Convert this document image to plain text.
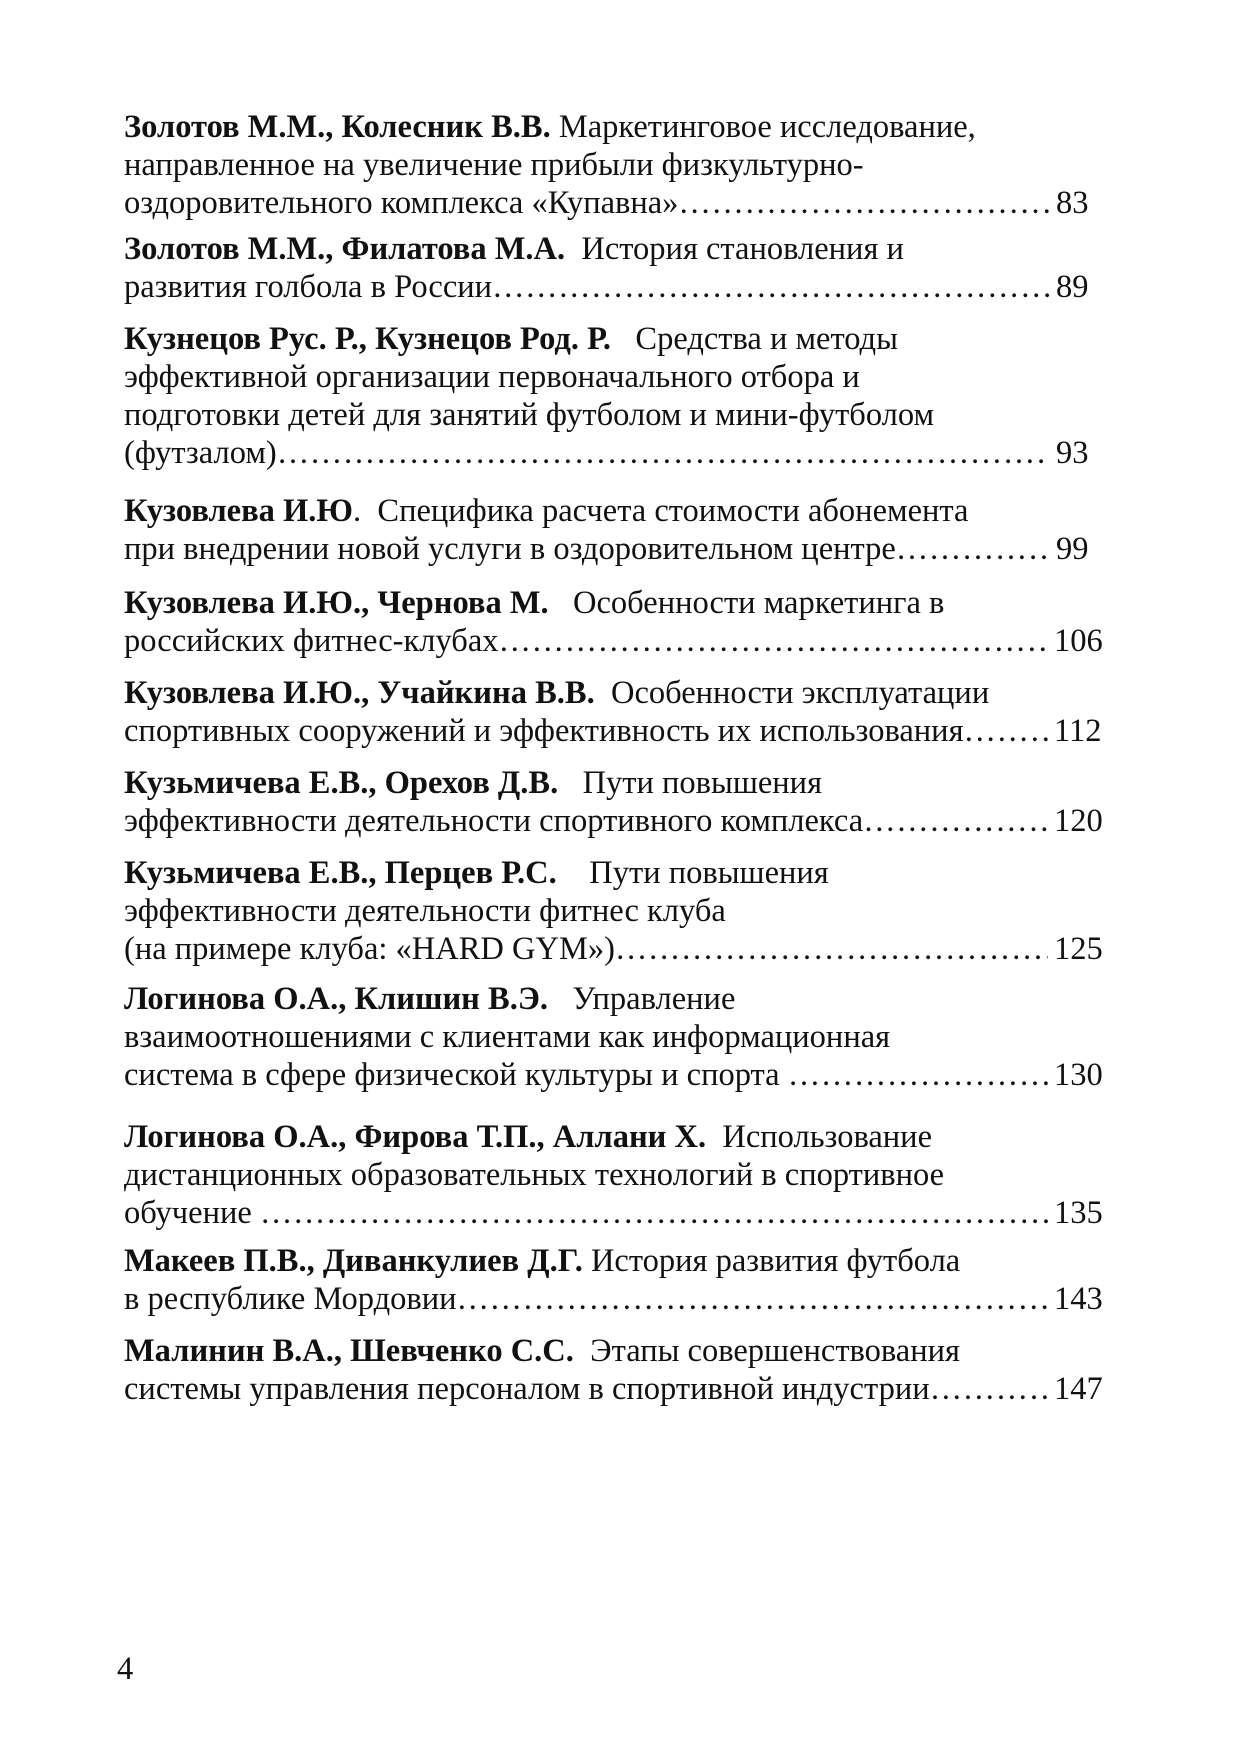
Золотов М.М., Колесник В.В. Маркетинговое исследование,
направленное на увеличение прибыли физкультурно-
оздоровительного комплекса «Купавна» …………………………………………………………………………………………………………………………………………………………………………	83
Золотов М.М., Филатова М.А.  История становления и
развития голбола в России …………………………………………………………………………………………………………………………………………………………………………	89
Кузнецов Рус. Р., Кузнецов Род. Р.   Средства и методы
эффективной организации первоначального отбора и
подготовки детей для занятий футболом и мини-футболом
(футзалом) …………………………………………………………………………………………………………………………………………………………………………	93
Кузовлева И.Ю.  Специфика расчета стоимости абонемента
при внедрении новой услуги в оздоровительном центре …………………………………………………………………………………………………………………………………………………………………………	99
Кузовлева И.Ю., Чернова М.   Особенности маркетинга в
российских фитнес-клубах …………………………………………………………………………………………………………………………………………………………………………	106
Кузовлева И.Ю., Учайкина В.В.  Особенности эксплуатации
спортивных сооружений и эффективность их использования …………………………………………………………………………………………………………………………………………………………………………	112
Кузьмичева Е.В., Орехов Д.В.   Пути повышения
эффективности деятельности спортивного комплекса …………………………………………………………………………………………………………………………………………………………………………	120
Кузьмичева Е.В., Перцев Р.С.    Пути повышения
эффективности деятельности фитнес клуба
(на примере клуба: «HARD GYM») …………………………………………………………………………………………………………………………………………………………………………	125
Логинова О.А., Клишин В.Э.   Управление
взаимоотношениями с клиентами как информационная
система в сфере физической культуры и спорта …………………………………………………………………………………………………………………………………………………………………………	130
Логинова О.А., Фирова Т.П., Аллани Х.  Использование
дистанционных образовательных технологий в спортивное
обучение …………………………………………………………………………………………………………………………………………………………………………	135
Макеев П.В., Диванкулиев Д.Г. История развития футбола
в республике Мордовии …………………………………………………………………………………………………………………………………………………………………………	143
Малинин В.А., Шевченко С.С.  Этапы совершенствования
системы управления персоналом в спортивной индустрии …………………………………………………………………………………………………………………………………………………………………………	147
4
